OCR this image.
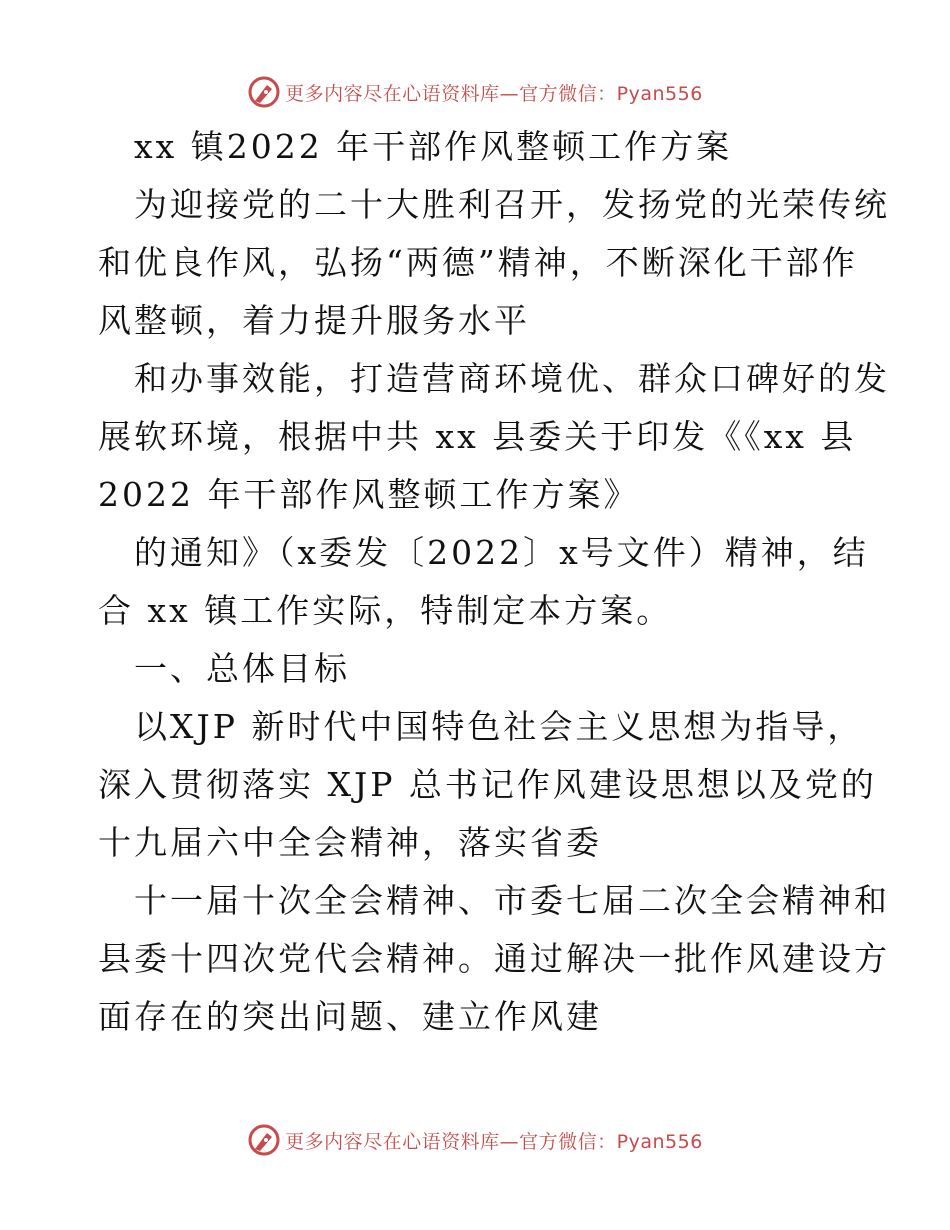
更多内容尽在心语资料库—官方微信：Pyan556
xx 镇2022 年干部作风整顿工作方案
为迎接党的二十大胜利召开，发扬党的光荣传统
和优良作风，弘扬“两德”精神，不断深化干部作
风整顿，着力提升服务水平
和办事效能，打造营商环境优、群众口碑好的发
展软环境，根据中共 xx 县委关于印发《《xx 县
2022 年干部作风整顿工作方案》
的通知》（x委发〔2022〕x号文件）精神，结
合 xx 镇工作实际，特制定本方案。
一、总体目标
以XJP 新时代中国特色社会主义思想为指导，
深入贯彻落实 XJP 总书记作风建设思想以及党的
十九届六中全会精神，落实省委
十一届十次全会精神、市委七届二次全会精神和
县委十四次党代会精神。通过解决一批作风建设方
面存在的突出问题、建立作风建
更多内容尽在心语资料库—官方微信：Pyan556
